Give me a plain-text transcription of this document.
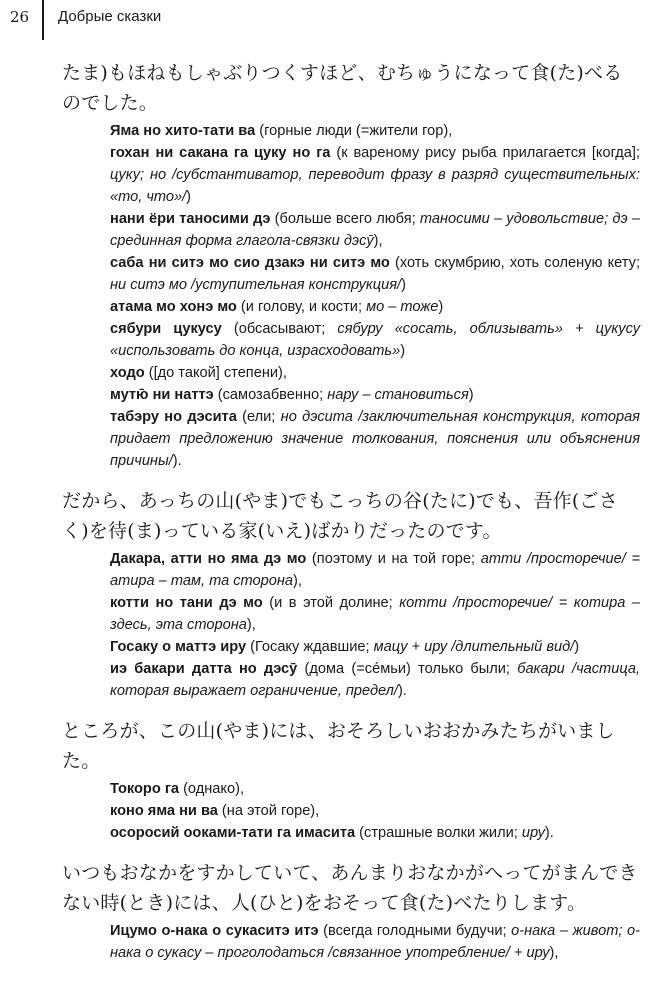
26 Добрые сказки

たま)もほねもしゃぶりつくすほど、むちゅうになって食(た)べるのでした。

Яма но хито-тати ва (горные люди (=жители гор),

гохан ни сакана га цуку но га (к вареному рису рыба прилагается [когда]; цуку; но /субстантиватор, переводит фразу в разряд существительных: «то, что»/)

нани ёри таносими дэ (больше всего любя; таносими – удовольствие; дэ – срединная форма глагола-связки дэсӯ),

саба ни ситэ мо сио дзакэ ни ситэ мо (хоть скумбрию, хоть соленую кету; ни ситэ мо /уступительная конструкция/)

атама мо хонэ мо (и голову, и кости; мо – тоже)

сябури цукусу (обсасывают; сябуру «сосать, облизывать» + цукусу «использовать до конца, израсходовать»)

ходо ([до такой] степени),

мутю̄ ни наттэ (самозабвенно; нару – становиться)

табэру но дэсита (ели; но дэсита /заключительная конструкция, которая придает предложению значение толкования, пояснения или объяснения причины/).

だから、あっちの山(やま)でもこっちの谷(たに)でも、吾作(ごさく)を待(ま)っている家(いえ)ばかりだったのです。

Дакара, атти но яма дэ мо (поэтому и на той горе; атти /просторечие/ = атира – там, та сторона),

котти но тани дэ мо (и в этой долине; котти /просторечие/ = котира – здесь, эта сторона),

Госаку о маттэ иру (Госаку ждавшие; мацу + иру /длительный вид/)

иэ бакари датта но дэсӯ (дома (=сéмьи) только были; бакари /частица, которая выражает ограничение, предел/).

ところが、この山(やま)には、おそろしいおおかみたちがいました。

Токоро га (однако),

коно яма ни ва (на этой горе),

осоросий ооками-тати га имасита (страшные волки жили; иру).

いつもおなかをすかしていて、あんまりおなかがへってがまんできない時(とき)には、人(ひと)をおそって食(た)べたりします。

Ицумо о-нака о сукаситэ итэ (всегда голодными будучи; о-нака – живот; о-нака о сукасу – проголодаться /связанное употребление/ + иру),
